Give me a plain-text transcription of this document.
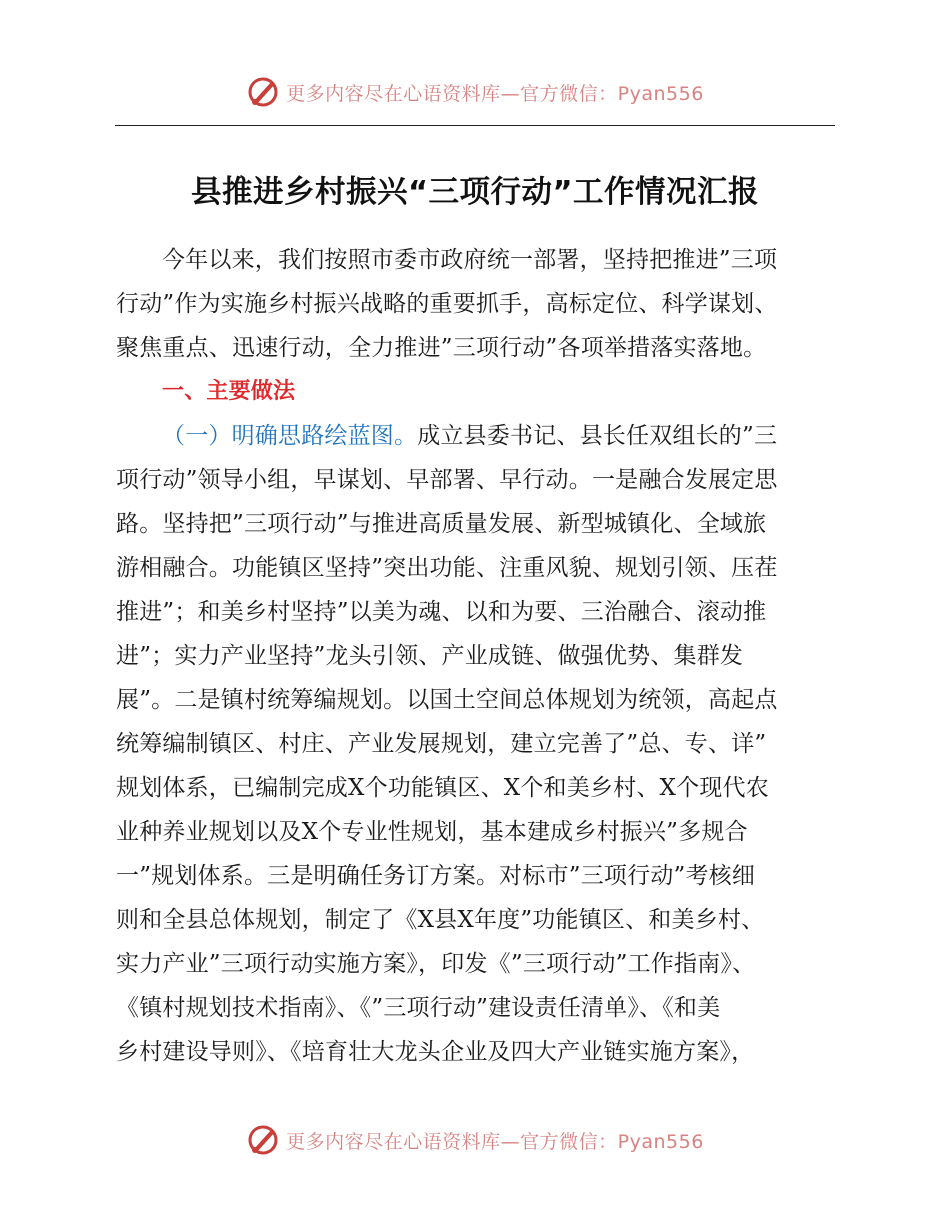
更多内容尽在心语资料库—官方微信：Pyan556
县推进乡村振兴“三项行动”工作情况汇报
今年以来，我们按照市委市政府统一部署，坚持把推进”三项
行动”作为实施乡村振兴战略的重要抓手，高标定位、科学谋划、
聚焦重点、迅速行动，全力推进”三项行动”各项举措落实落地。
一、主要做法
（一）明确思路绘蓝图。成立县委书记、县长任双组长的”三
项行动”领导小组，早谋划、早部署、早行动。一是融合发展定思
路。坚持把”三项行动”与推进高质量发展、新型城镇化、全域旅
游相融合。功能镇区坚持”突出功能、注重风貌、规划引领、压茬
推进”；和美乡村坚持”以美为魂、以和为要、三治融合、滚动推
进”；实力产业坚持”龙头引领、产业成链、做强优势、集群发
展”。二是镇村统筹编规划。以国土空间总体规划为统领，高起点
统筹编制镇区、村庄、产业发展规划，建立完善了”总、专、详”
规划体系，已编制完成X个功能镇区、X个和美乡村、X个现代农
业种养业规划以及X个专业性规划，基本建成乡村振兴”多规合
一”规划体系。三是明确任务订方案。对标市”三项行动”考核细
则和全县总体规划，制定了《X县X年度”功能镇区、和美乡村、
实力产业”三项行动实施方案》，印发《”三项行动”工作指南》、
《镇村规划技术指南》、《”三项行动”建设责任清单》、《和美
乡村建设导则》、《培育壮大龙头企业及四大产业链实施方案》，
更多内容尽在心语资料库—官方微信：Pyan556
